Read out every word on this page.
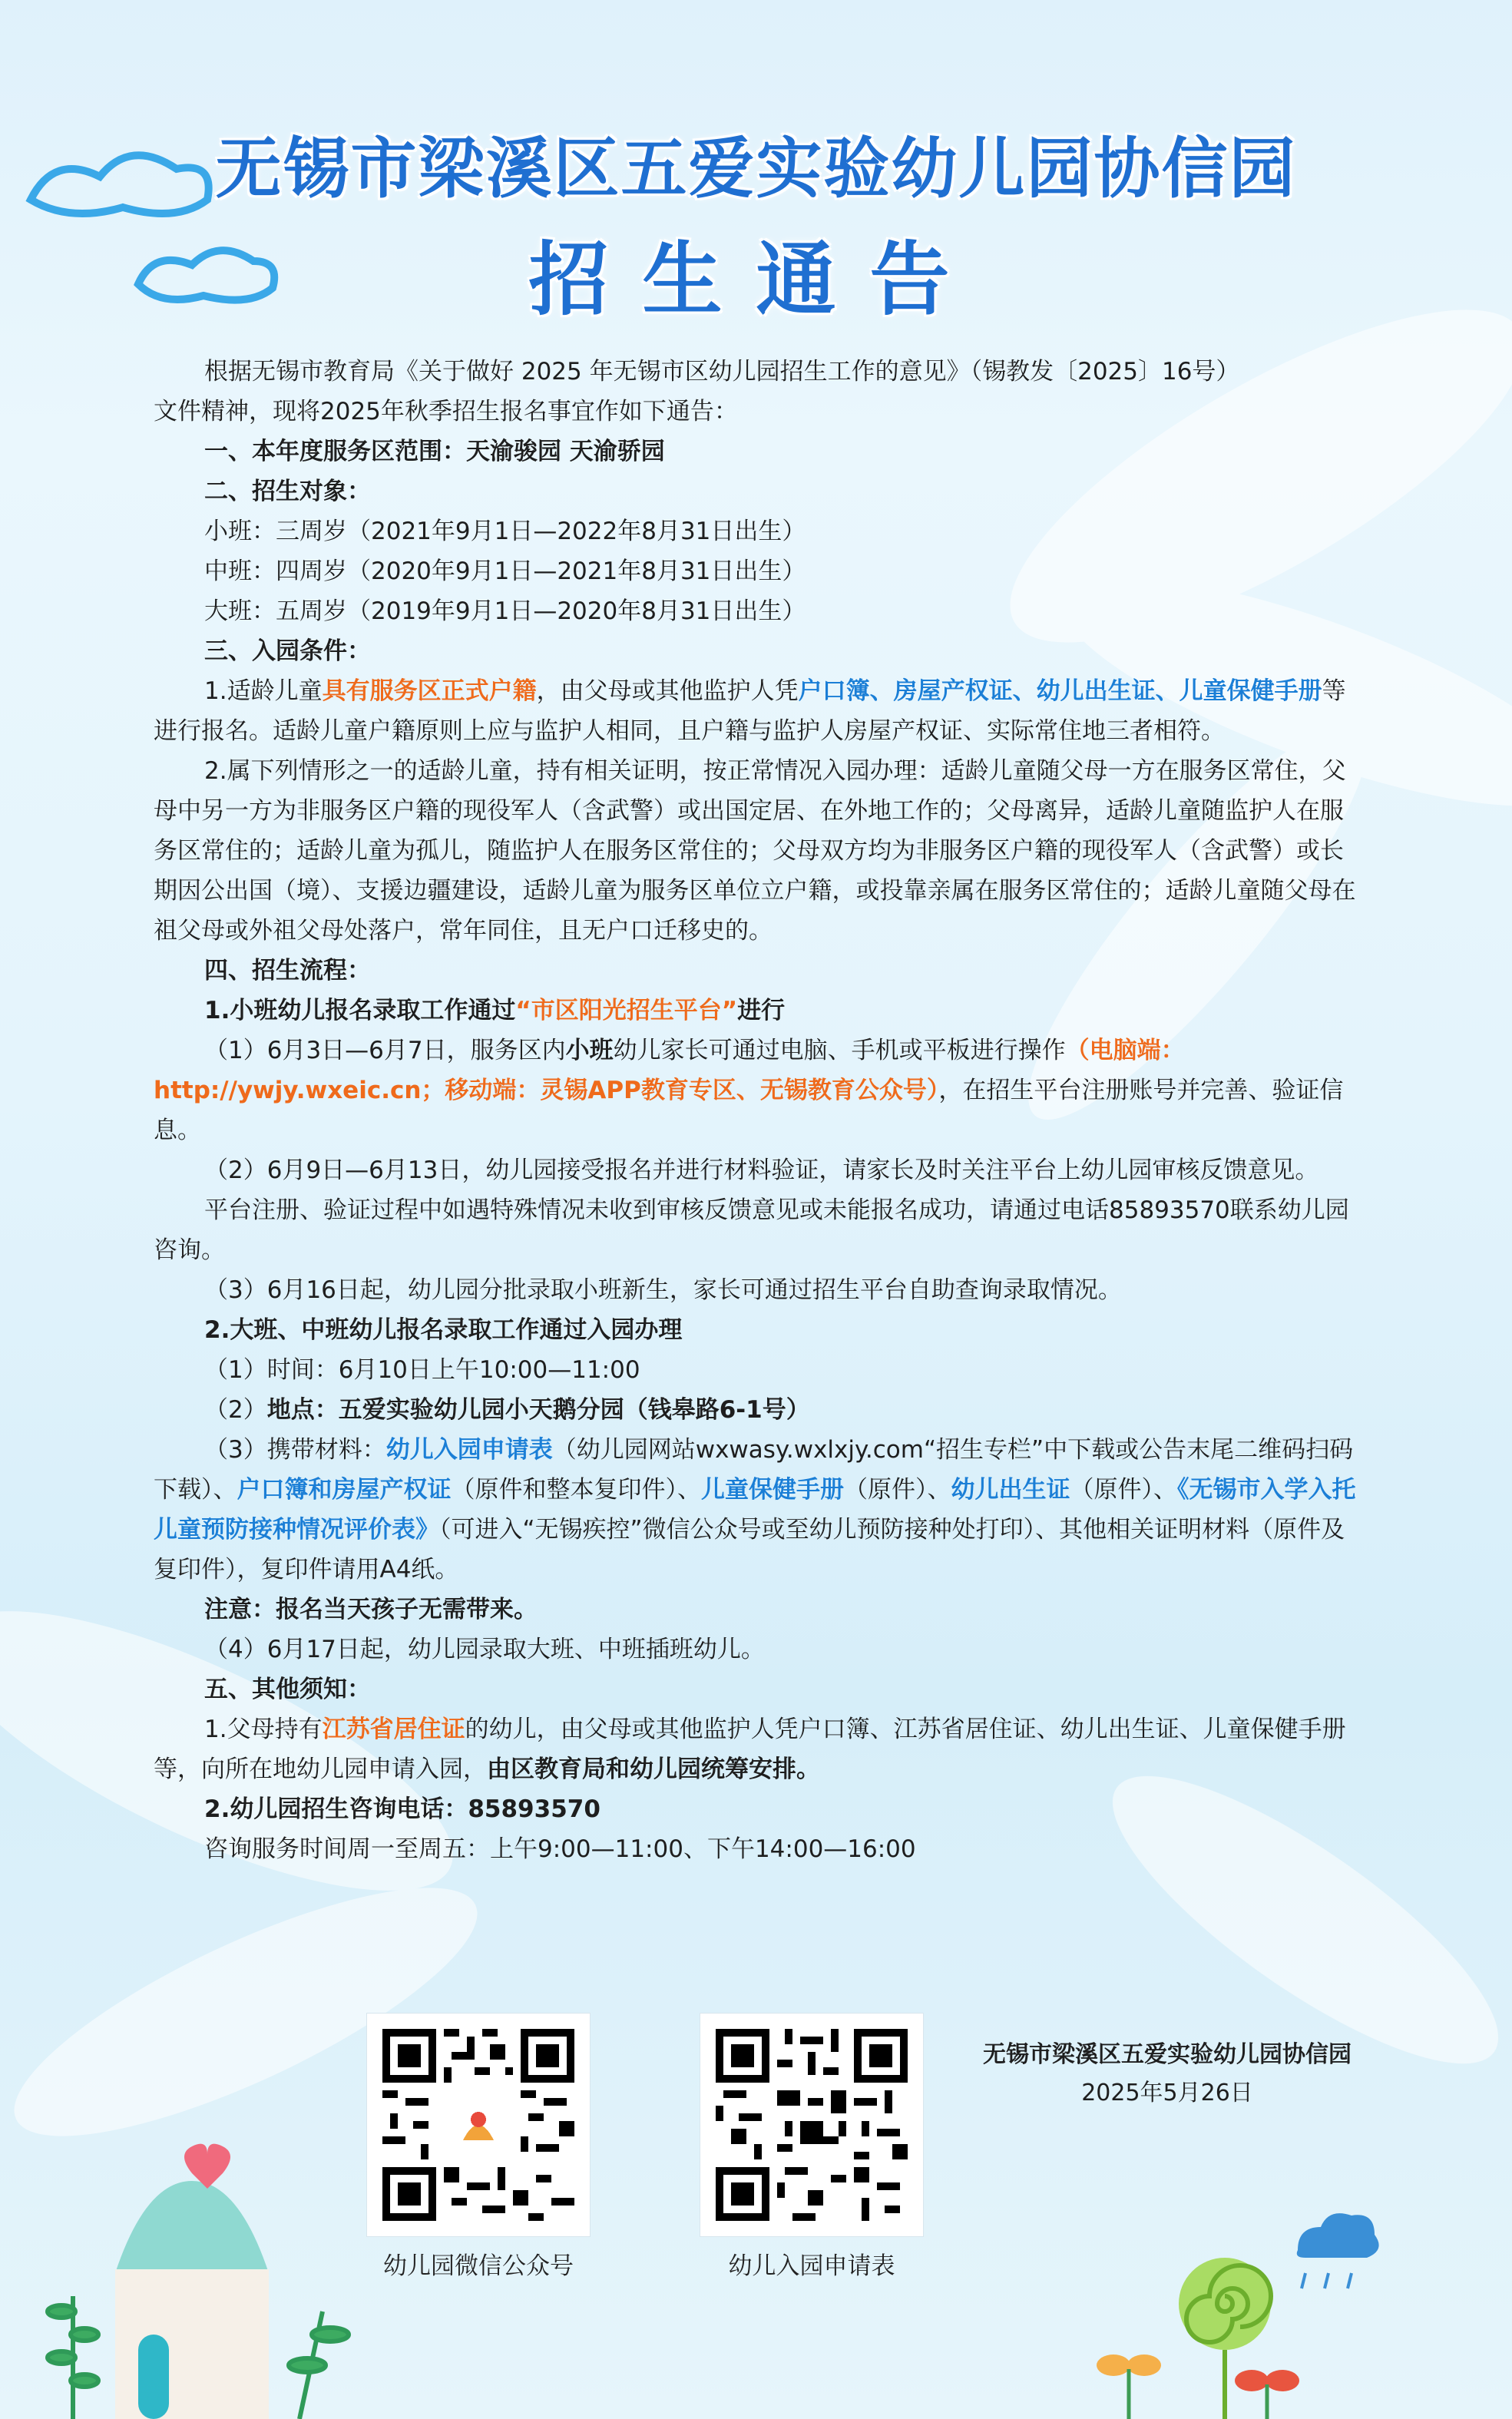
无锡市梁溪区五爱实验幼儿园协信园
招生通告

根据无锡市教育局《关于做好 2025 年无锡市区幼儿园招生工作的意见》（锡教发〔2025〕16号）

文件精神，现将2025年秋季招生报名事宜作如下通告：

一、本年度服务区范围：天渝骏园 天渝骄园

二、招生对象：

小班：三周岁（2021年9月1日—2022年8月31日出生）

中班：四周岁（2020年9月1日—2021年8月31日出生）

大班：五周岁（2019年9月1日—2020年8月31日出生）

三、入园条件：

1.适龄儿童具有服务区正式户籍，由父母或其他监护人凭户口簿、房屋产权证、幼儿出生证、儿童保健手册等进行报名。适龄儿童户籍原则上应与监护人相同，且户籍与监护人房屋产权证、实际常住地三者相符。

2.属下列情形之一的适龄儿童，持有相关证明，按正常情况入园办理：适龄儿童随父母一方在服务区常住，父母中另一方为非服务区户籍的现役军人（含武警）或出国定居、在外地工作的；父母离异，适龄儿童随监护人在服务区常住的；适龄儿童为孤儿，随监护人在服务区常住的；父母双方均为非服务区户籍的现役军人（含武警）或长期因公出国（境）、支援边疆建设，适龄儿童为服务区单位立户籍，或投靠亲属在服务区常住的；适龄儿童随父母在祖父母或外祖父母处落户，常年同住，且无户口迁移史的。

四、招生流程：

1.小班幼儿报名录取工作通过“市区阳光招生平台”进行

（1）6月3日—6月7日，服务区内小班幼儿家长可通过电脑、手机或平板进行操作（电脑端：http://ywjy.wxeic.cn；移动端：灵锡APP教育专区、无锡教育公众号），在招生平台注册账号并完善、验证信息。

（2）6月9日—6月13日，幼儿园接受报名并进行材料验证，请家长及时关注平台上幼儿园审核反馈意见。

平台注册、验证过程中如遇特殊情况未收到审核反馈意见或未能报名成功，请通过电话85893570联系幼儿园咨询。

（3）6月16日起，幼儿园分批录取小班新生，家长可通过招生平台自助查询录取情况。

2.大班、中班幼儿报名录取工作通过入园办理

（1）时间：6月10日上午10:00—11:00

（2）地点：五爱实验幼儿园小天鹅分园（钱皋路6-1号）

（3）携带材料：幼儿入园申请表（幼儿园网站wxwasy.wxlxjy.com“招生专栏”中下载或公告末尾二维码扫码下载）、户口簿和房屋产权证（原件和整本复印件）、儿童保健手册（原件）、幼儿出生证（原件）、《无锡市入学入托儿童预防接种情况评价表》（可进入“无锡疾控”微信公众号或至幼儿预防接种处打印）、其他相关证明材料（原件及复印件），复印件请用A4纸。

注意：报名当天孩子无需带来。

（4）6月17日起，幼儿园录取大班、中班插班幼儿。

五、其他须知：

1.父母持有江苏省居住证的幼儿，由父母或其他监护人凭户口簿、江苏省居住证、幼儿出生证、儿童保健手册等，向所在地幼儿园申请入园，由区教育局和幼儿园统筹安排。

2.幼儿园招生咨询电话：85893570

咨询服务时间周一至周五：上午9:00—11:00、下午14:00—16:00

幼儿园微信公众号	幼儿入园申请表
无锡市梁溪区五爱实验幼儿园协信园
2025年5月26日
